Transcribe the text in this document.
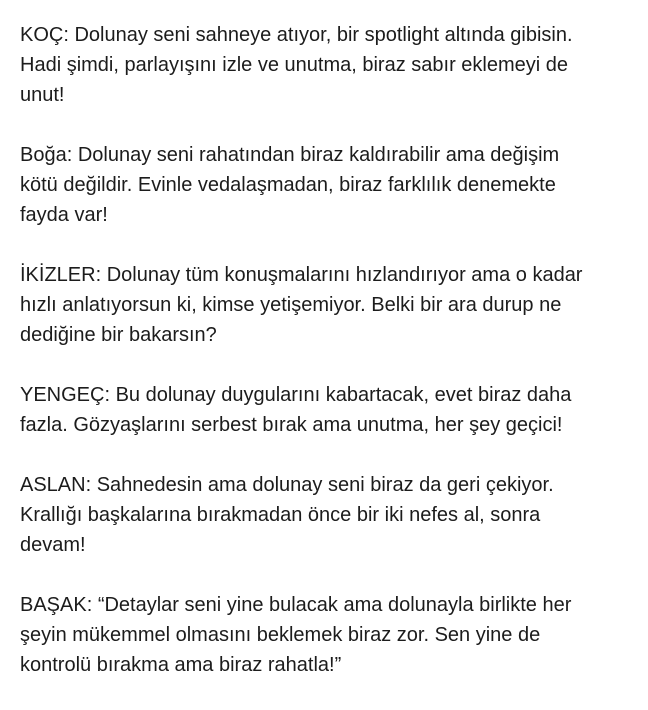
KOÇ: Dolunay seni sahneye atıyor, bir spotlight altında gibisin.
Hadi şimdi, parlayışını izle ve unutma, biraz sabır eklemeyi de
unut!

Boğa: Dolunay seni rahatından biraz kaldırabilir ama değişim
kötü değildir. Evinle vedalaşmadan, biraz farklılık denemekte
fayda var!

İKİZLER: Dolunay tüm konuşmalarını hızlandırıyor ama o kadar
hızlı anlatıyorsun ki, kimse yetişemiyor. Belki bir ara durup ne
dediğine bir bakarsın?

YENGEÇ: Bu dolunay duygularını kabartacak, evet biraz daha
fazla. Gözyaşlarını serbest bırak ama unutma, her şey geçici!

ASLAN: Sahnedesin ama dolunay seni biraz da geri çekiyor.
Krallığı başkalarına bırakmadan önce bir iki nefes al, sonra
devam!

BAŞAK: “Detaylar seni yine bulacak ama dolunayla birlikte her
şeyin mükemmel olmasını beklemek biraz zor. Sen yine de
kontrolü bırakma ama biraz rahatla!”
